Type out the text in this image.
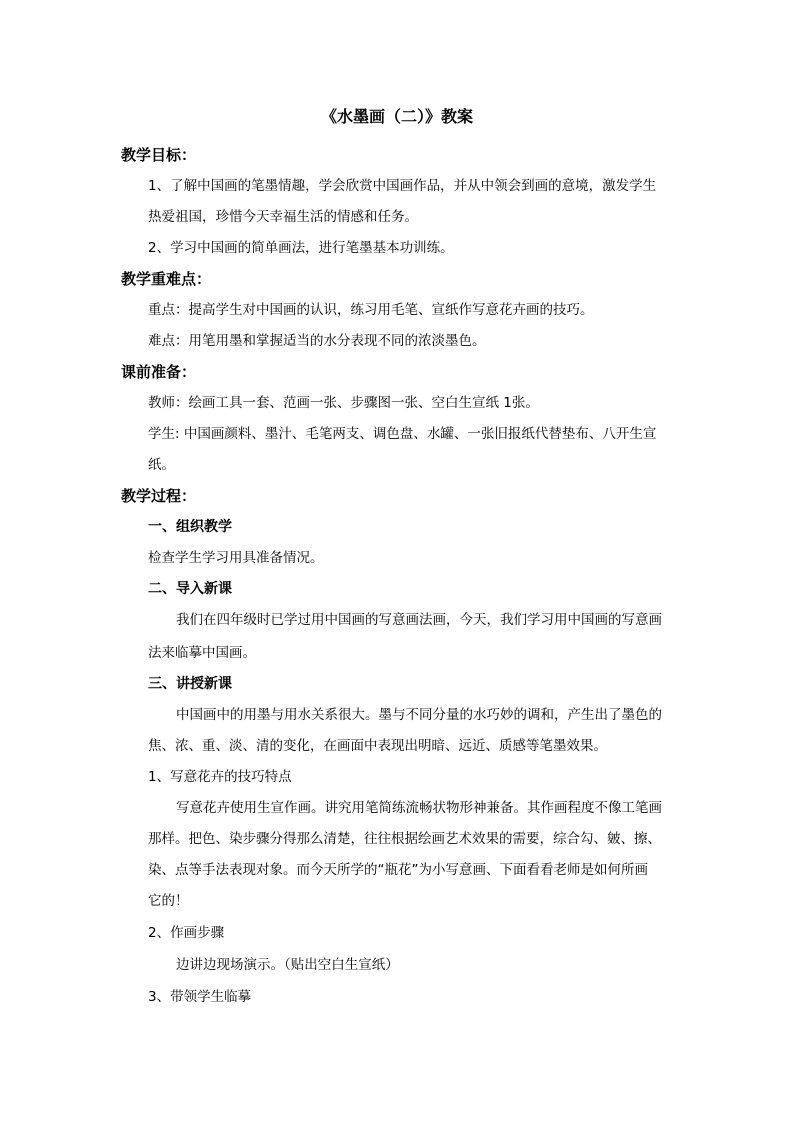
《水墨画（二）》教案
教学目标：
1、了解中国画的笔墨情趣，学会欣赏中国画作品，并从中领会到画的意境，激发学生
热爱祖国，珍惜今天幸福生活的情感和任务。
2、学习中国画的简单画法，进行笔墨基本功训练。
教学重难点：
重点：提高学生对中国画的认识，练习用毛笔、宣纸作写意花卉画的技巧。
难点：用笔用墨和掌握适当的水分表现不同的浓淡墨色。
课前准备：
教师：绘画工具一套、范画一张、步骤图一张、空白生宣纸 1张。
学生: 中国画颜料、墨汁、毛笔两支、调色盘、水罐、一张旧报纸代替垫布、八开生宣
纸。
教学过程：
一、组织教学
检查学生学习用具准备情况。
二、导入新课
我们在四年级时已学过用中国画的写意画法画，今天，我们学习用中国画的写意画
法来临摹中国画。
三、讲授新课
中国画中的用墨与用水关系很大。墨与不同分量的水巧妙的调和，产生出了墨色的
焦、浓、重、淡、清的变化，在画面中表现出明暗、远近、质感等笔墨效果。
1、写意花卉的技巧特点
写意花卉使用生宣作画。讲究用笔简练流畅状物形神兼备。其作画程度不像工笔画
那样。把色、染步骤分得那么清楚，往往根据绘画艺术效果的需要，综合勾、皴、擦、
染、点等手法表现对象。而今天所学的“瓶花”为小写意画、下面看看老师是如何所画
它的！
2、作画步骤
边讲边现场演示。（贴出空白生宣纸）
3、带领学生临摹
